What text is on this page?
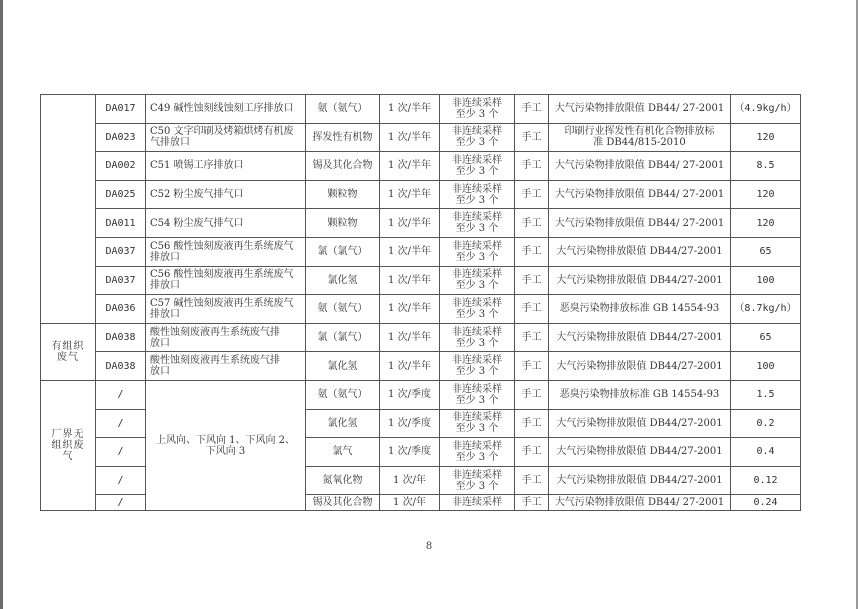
	DA017	C49 碱性蚀刻线蚀刻工序排放口	氨（氨气）	1 次/半年	非连续采样
至少 3 个	手工	大气污染物排放限值 DB44/ 27-2001	（4.9kg/h）
	DA023	C50 文字印刷及烤箱烘烤有机废
气排放口	挥发性有机物	1 次/半年	非连续采样
至少 3 个	手工	印刷行业挥发性有机化合物排放标
准 DB44/815-2010	120
	DA002	C51 喷锡工序排放口	锡及其化合物	1 次/半年	非连续采样
至少 3 个	手工	大气污染物排放限值 DB44/ 27-2001	8.5
	DA025	C52 粉尘废气排气口	颗粒物	1 次/半年	非连续采样
至少 3 个	手工	大气污染物排放限值 DB44/ 27-2001	120
	DA011	C54 粉尘废气排气口	颗粒物	1 次/半年	非连续采样
至少 3 个	手工	大气污染物排放限值 DB44/ 27-2001	120
	DA037	C56 酸性蚀刻废液再生系统废气
排放口	氯（氯气）	1 次/半年	非连续采样
至少 3 个	手工	大气污染物排放限值 DB44/27-2001	65
	DA037	C56 酸性蚀刻废液再生系统废气
排放口	氯化氢	1 次/半年	非连续采样
至少 3 个	手工	大气污染物排放限值 DB44/27-2001	100
	DA036	C57 碱性蚀刻废液再生系统废气
排放口	氨（氨气）	1 次/半年	非连续采样
至少 3 个	手工	恶臭污染物排放标准 GB 14554-93	（8.7kg/h）
有组织
废气	DA038	酸性蚀刻废液再生系统废气排
放口	氯（氯气）	1 次/半年	非连续采样
至少 3 个	手工	大气污染物排放限值 DB44/27-2001	65
	DA038	酸性蚀刻废液再生系统废气排
放口	氯化氢	1 次/半年	非连续采样
至少 3 个	手工	大气污染物排放限值 DB44/27-2001	100
厂界无
组织废
气	/	上风向、下风向 1、下风向 2、
下风向 3	氨（氨气）	1 次/季度	非连续采样
至少 3 个	手工	恶臭污染物排放标准 GB 14554-93	1.5
	/		氯化氢	1 次/季度	非连续采样
至少 3 个	手工	大气污染物排放限值 DB44/27-2001	0.2
	/		氯气	1 次/季度	非连续采样
至少 3 个	手工	大气污染物排放限值 DB44/27-2001	0.4
	/		氮氧化物	1 次/年	非连续采样
至少 3 个	手工	大气污染物排放限值 DB44/27-2001	0.12
	/		锡及其化合物	1 次/年	非连续采样	手工	大气污染物排放限值 DB44/ 27-2001	0.24
8
